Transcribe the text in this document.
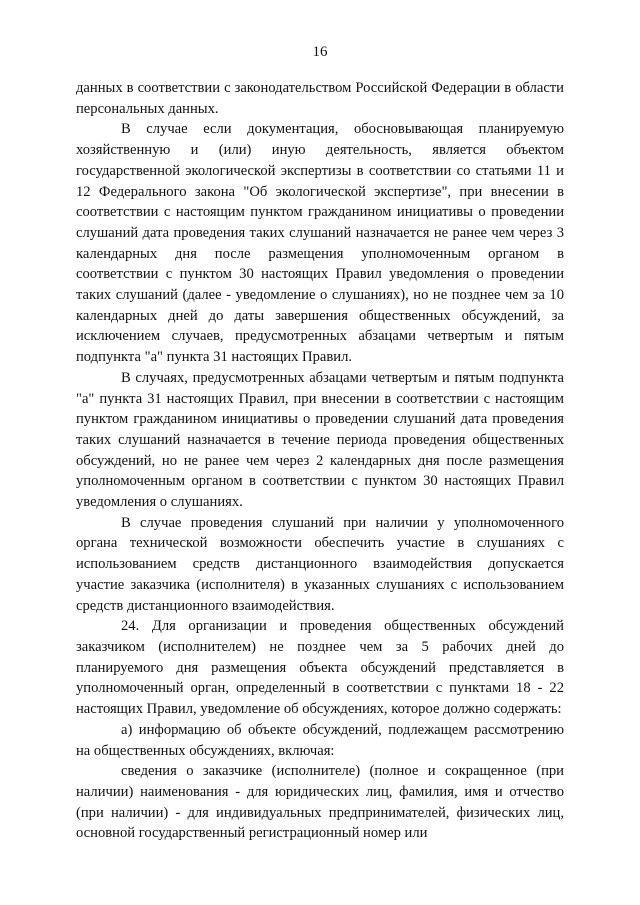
16

данных в соответствии с законодательством Российской Федерации в области персональных данных.

В случае если документация, обосновывающая планируемую хозяйственную и (или) иную деятельность, является объектом государственной экологической экспертизы в соответствии со статьями 11 и 12 Федерального закона "Об экологической экспертизе", при внесении в соответствии с настоящим пунктом гражданином инициативы о проведении слушаний дата проведения таких слушаний назначается не ранее чем через 3 календарных дня после размещения уполномоченным органом в соответствии с пунктом 30 настоящих Правил уведомления о проведении таких слушаний (далее - уведомление о слушаниях), но не позднее чем за 10 календарных дней до даты завершения общественных обсуждений, за исключением случаев, предусмотренных абзацами четвертым и пятым подпункта "а" пункта 31 настоящих Правил.

В случаях, предусмотренных абзацами четвертым и пятым подпункта "а" пункта 31 настоящих Правил, при внесении в соответствии с настоящим пунктом гражданином инициативы о проведении слушаний дата проведения таких слушаний назначается в течение периода проведения общественных обсуждений, но не ранее чем через 2 календарных дня после размещения уполномоченным органом в соответствии с пунктом 30 настоящих Правил уведомления о слушаниях.

В случае проведения слушаний при наличии у уполномоченного органа технической возможности обеспечить участие в слушаниях с использованием средств дистанционного взаимодействия допускается участие заказчика (исполнителя) в указанных слушаниях с использованием средств дистанционного взаимодействия.

24. Для организации и проведения общественных обсуждений заказчиком (исполнителем) не позднее чем за 5 рабочих дней до планируемого дня размещения объекта обсуждений представляется в уполномоченный орган, определенный в соответствии с пунктами 18 - 22 настоящих Правил, уведомление об обсуждениях, которое должно содержать:

а) информацию об объекте обсуждений, подлежащем рассмотрению на общественных обсуждениях, включая:

сведения о заказчике (исполнителе) (полное и сокращенное (при наличии) наименования - для юридических лиц, фамилия, имя и отчество (при наличии) - для индивидуальных предпринимателей, физических лиц, основной государственный регистрационный номер или
